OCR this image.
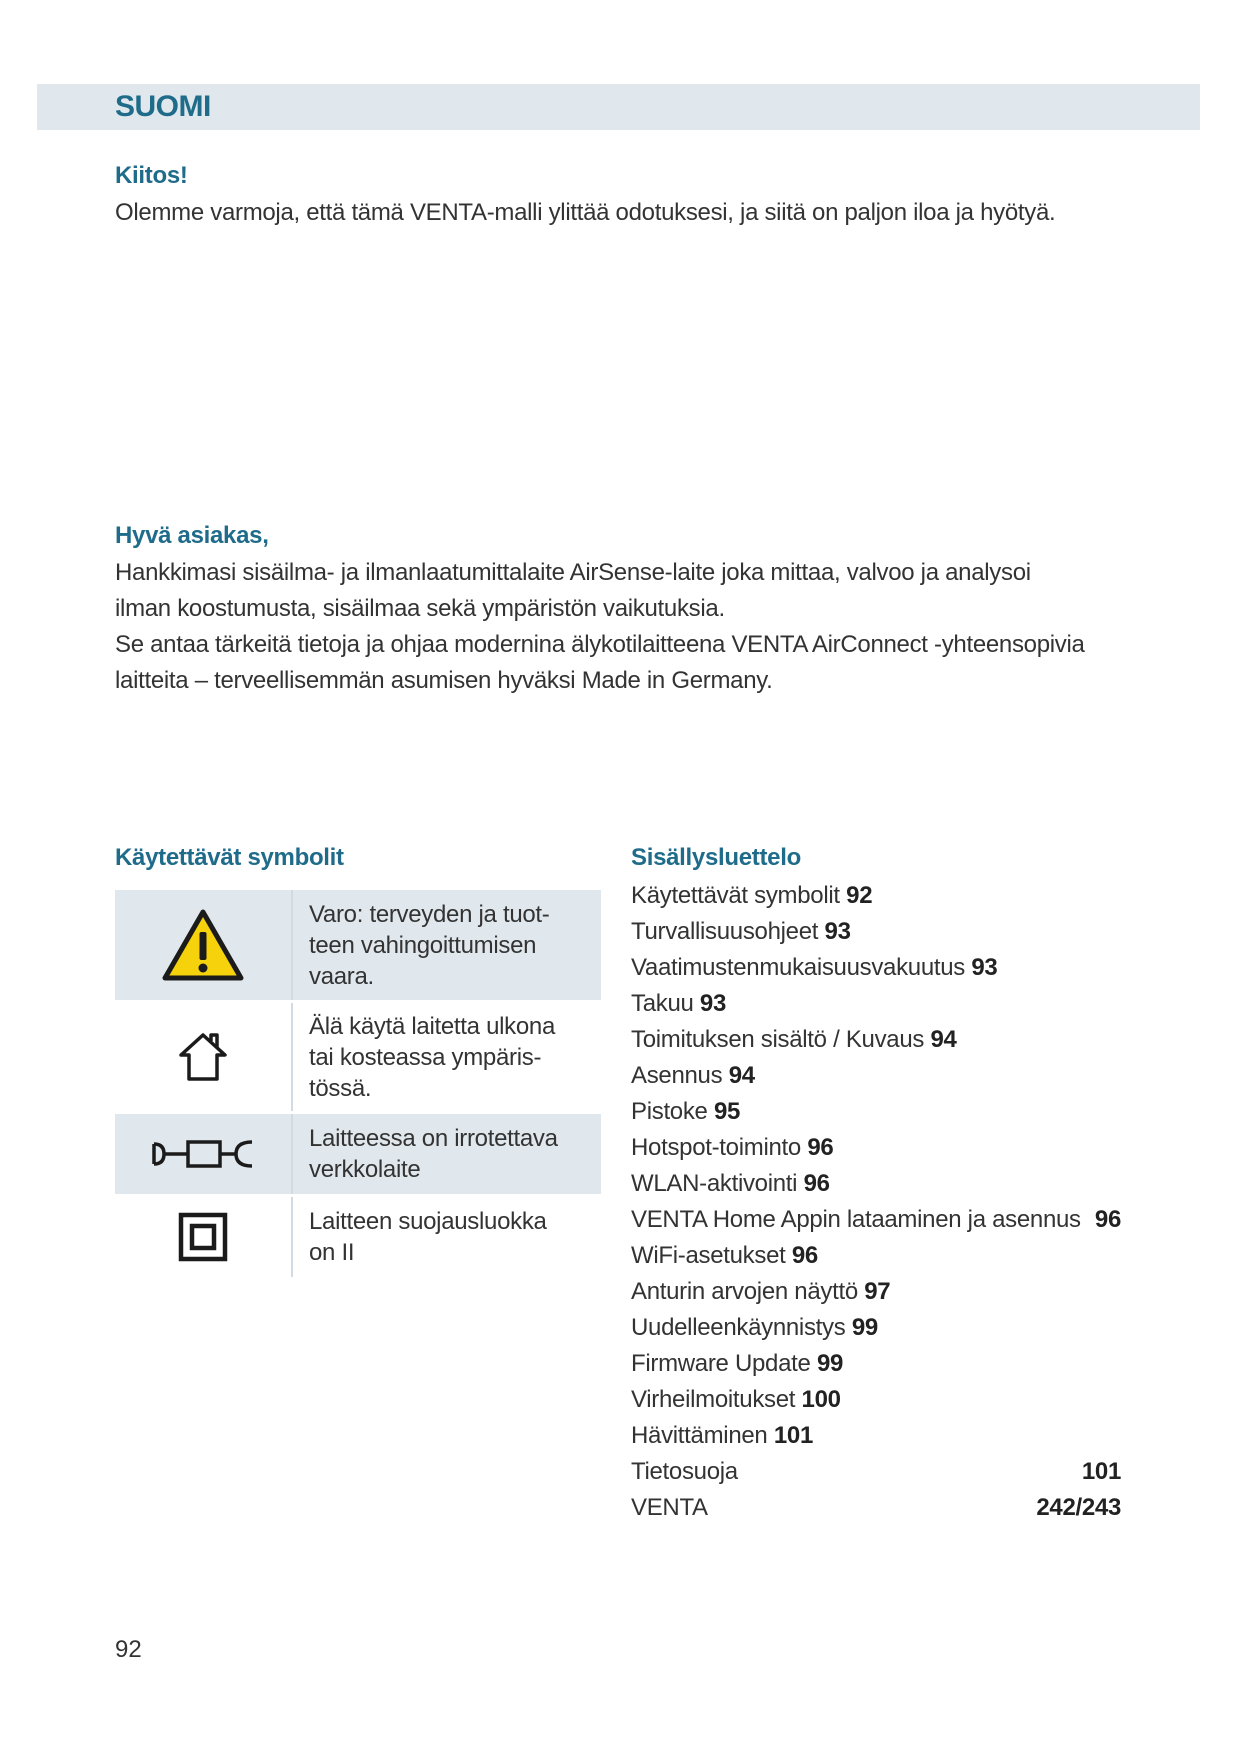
SUOMI
Kiitos!

Olemme varmoja, että tämä VENTA-malli ylittää odotuksesi, ja siitä on paljon iloa ja hyötyä.

Hyvä asiakas,

Hankkimasi sisäilma- ja ilmanlaatumittalaite AirSense-laite joka mittaa, valvoo ja analysoi

ilman koostumusta, sisäilmaa sekä ympäristön vaikutuksia.

Se antaa tärkeitä tietoja ja ohjaa modernina älykotilaitteena VENTA AirConnect -yhteensopivia

laitteita – terveellisemmän asumisen hyväksi Made in Germany.

Käytettävät symbolit
Varo: terveyden ja tuot-
teen vahingoittumisen
vaara.
Älä käytä laitetta ulkona
tai kosteassa ympäris-
tössä.
Laitteessa on irrotettava
verkkolaite
Laitteen suojausluokka
on II
Sisällysluettelo
Käytettävät symbolit 92
Turvallisuusohjeet 93
Vaatimustenmukaisuusvakuutus 93
Takuu 93
Toimituksen sisältö / Kuvaus 94
Asennus 94
Pistoke 95
Hotspot-toiminto 96
WLAN-aktivointi 96
VENTA Home Appin lataaminen ja asennus 96
WiFi-asetukset 96
Anturin arvojen näyttö 97
Uudelleenkäynnistys 99
Firmware Update 99
Virheilmoitukset 100
Hävittäminen 101
Tietosuoja	101
VENTA	242/243
92
